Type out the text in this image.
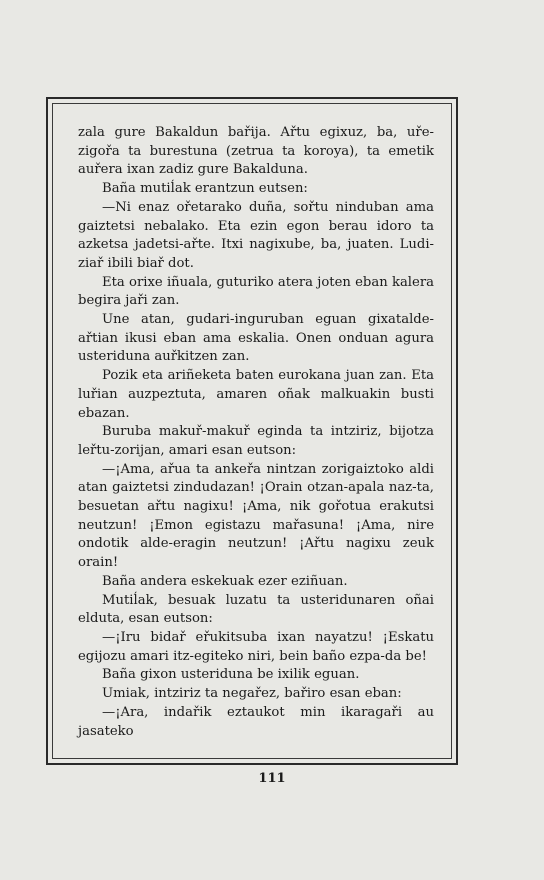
zala gure Bakaldun bařija. Ařtu egixuz, ba, uře-zigořa ta burestuna (zetrua ta koroya), ta emetik auřera ixan zadiz gure Bakalduna.

Baña mutiĺak erantzun eutsen:

—Ni enaz ořetarako duña, sořtu ninduban ama gaiztetsi nebalako. Eta ezin egon berau idoro ta azketsa jadetsi-ařte. Itxi nagixube, ba, juaten. Ludi-ziař ibili biař dot.

Eta orixe iñuala, guturiko atera joten eban kalera begira jaři zan.

Une atan, gudari-inguruban eguan gixatalde-ařtian ikusi eban ama eskalia. Onen onduan agura usteriduna auřkitzen zan.

Pozik eta ariñeketa baten eurokana juan zan. Eta luřian auzpeztuta, amaren oñak malkuakin busti ebazan.

Buruba makuř-makuř eginda ta intziriz, bijotza leřtu-zorijan, amari esan eutson:

—¡Ama, ařua ta ankeřa nintzan zorigaiztoko aldi atan gaiztetsi zindudazan! ¡Orain otzan-apala naz-ta, besuetan ařtu nagixu! ¡Ama, nik gořotua erakutsi neutzun! ¡Emon egistazu mařasuna! ¡Ama, nire ondotik alde-eragin neutzun! ¡Ařtu nagixu zeuk orain!

Baña andera eskekuak ezer eziñuan.

Mutiĺak, besuak luzatu ta usteridunaren oñai elduta, esan eutson:

—¡Iru bidař eřukitsuba ixan nayatzu! ¡Eskatu egijozu amari itz-egiteko niri, bein baño ezpa-da be!

Baña gixon usteriduna be ixilik eguan.

Umiak, intziriz ta negařez, bařiro esan eban:

—¡Ara, indařik eztaukot min ikaragaři au jasateko

111
